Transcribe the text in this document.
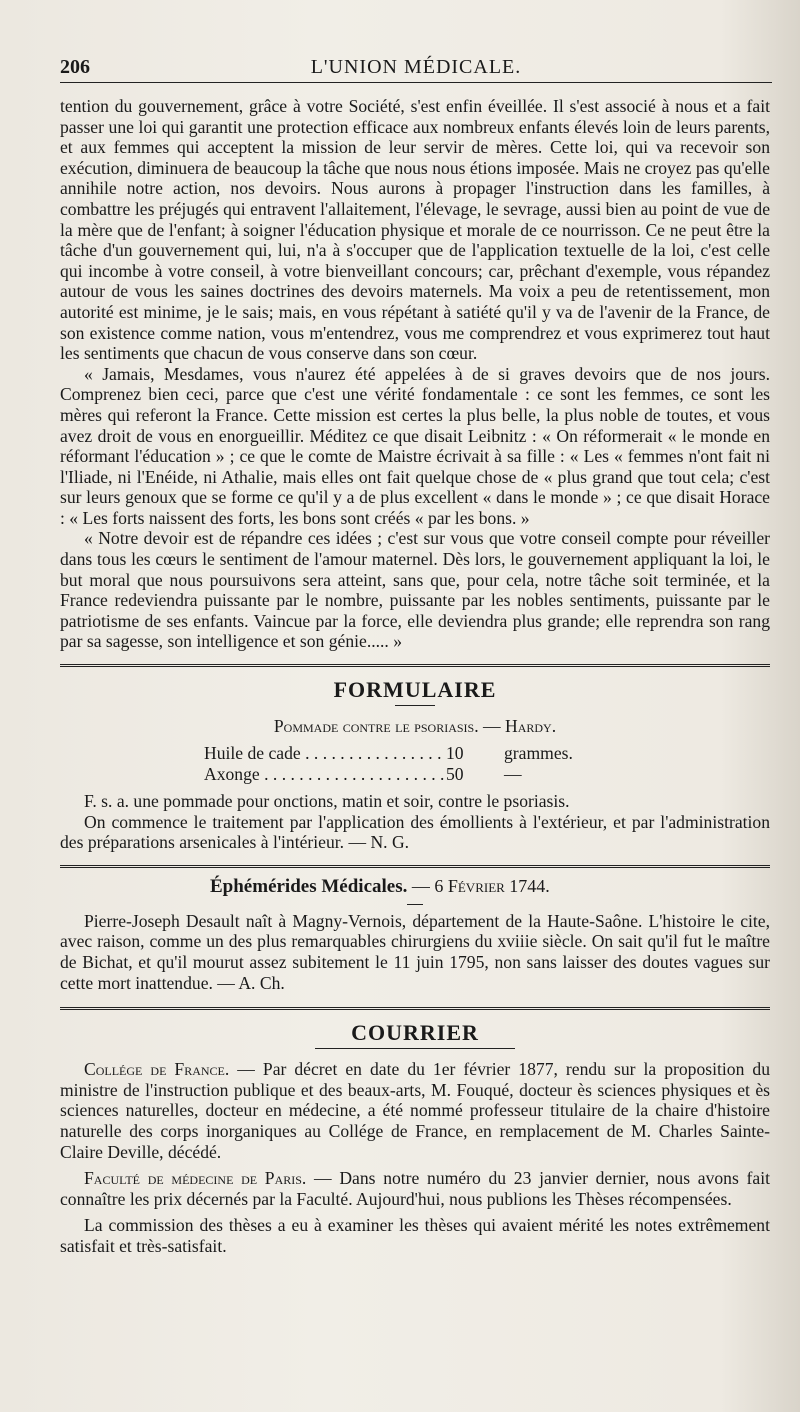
206	L'UNION MÉDICALE.

tention du gouvernement, grâce à votre Société, s'est enfin éveillée. Il s'est associé à nous et a fait passer une loi qui garantit une protection efficace aux nombreux enfants élevés loin de leurs parents, et aux femmes qui acceptent la mission de leur servir de mères. Cette loi, qui va recevoir son exécution, diminuera de beaucoup la tâche que nous nous étions imposée. Mais ne croyez pas qu'elle annihile notre action, nos devoirs. Nous aurons à propager l'instruction dans les familles, à combattre les préjugés qui entravent l'allaitement, l'élevage, le sevrage, aussi bien au point de vue de la mère que de l'enfant; à soigner l'éducation physique et morale de ce nourrisson. Ce ne peut être la tâche d'un gouvernement qui, lui, n'a à s'occuper que de l'application textuelle de la loi, c'est celle qui incombe à votre conseil, à votre bienveillant concours; car, prêchant d'exemple, vous répandez autour de vous les saines doctrines des devoirs maternels. Ma voix a peu de retentissement, mon autorité est minime, je le sais; mais, en vous répétant à satiété qu'il y va de l'avenir de la France, de son existence comme nation, vous m'entendrez, vous me comprendrez et vous exprimerez tout haut les sentiments que chacun de vous conserve dans son cœur.

« Jamais, Mesdames, vous n'aurez été appelées à de si graves devoirs que de nos jours. Comprenez bien ceci, parce que c'est une vérité fondamentale : ce sont les femmes, ce sont les mères qui referont la France. Cette mission est certes la plus belle, la plus noble de toutes, et vous avez droit de vous en enorgueillir. Méditez ce que disait Leibnitz : « On réformerait « le monde en réformant l'éducation » ; ce que le comte de Maistre écrivait à sa fille : « Les « femmes n'ont fait ni l'Iliade, ni l'Enéide, ni Athalie, mais elles ont fait quelque chose de « plus grand que tout cela; c'est sur leurs genoux que se forme ce qu'il y a de plus excellent « dans le monde » ; ce que disait Horace : « Les forts naissent des forts, les bons sont créés « par les bons. »

« Notre devoir est de répandre ces idées ; c'est sur vous que votre conseil compte pour réveiller dans tous les cœurs le sentiment de l'amour maternel. Dès lors, le gouvernement appliquant la loi, le but moral que nous poursuivons sera atteint, sans que, pour cela, notre tâche soit terminée, et la France redeviendra puissante par le nombre, puissante par les nobles sentiments, puissante par le patriotisme de ses enfants. Vaincue par la force, elle deviendra plus grande; elle reprendra son rang par sa sagesse, son intelligence et son génie..... »

FORMULAIRE
Pommade contre le psoriasis. — Hardy.
Huile de cade . . .	10	grammes.
Axonge . . .	50	—

F. s. a. une pommade pour onctions, matin et soir, contre le psoriasis.

On commence le traitement par l'application des émollients à l'extérieur, et par l'administration des préparations arsenicales à l'intérieur. — N. G.

Éphémérides Médicales. — 6 Février 1744.

Pierre-Joseph Desault naît à Magny-Vernois, département de la Haute-Saône. L'histoire le cite, avec raison, comme un des plus remarquables chirurgiens du xviiie siècle. On sait qu'il fut le maître de Bichat, et qu'il mourut assez subitement le 11 juin 1795, non sans laisser des doutes vagues sur cette mort inattendue. — A. Ch.

COURRIER

Collége de France. — Par décret en date du 1er février 1877, rendu sur la proposition du ministre de l'instruction publique et des beaux-arts, M. Fouqué, docteur ès sciences physiques et ès sciences naturelles, docteur en médecine, a été nommé professeur titulaire de la chaire d'histoire naturelle des corps inorganiques au Collége de France, en remplacement de M. Charles Sainte-Claire Deville, décédé.

Faculté de médecine de Paris. — Dans notre numéro du 23 janvier dernier, nous avons fait connaître les prix décernés par la Faculté. Aujourd'hui, nous publions les Thèses récompensées.

La commission des thèses a eu à examiner les thèses qui avaient mérité les notes extrêmement satisfait et très-satisfait.
